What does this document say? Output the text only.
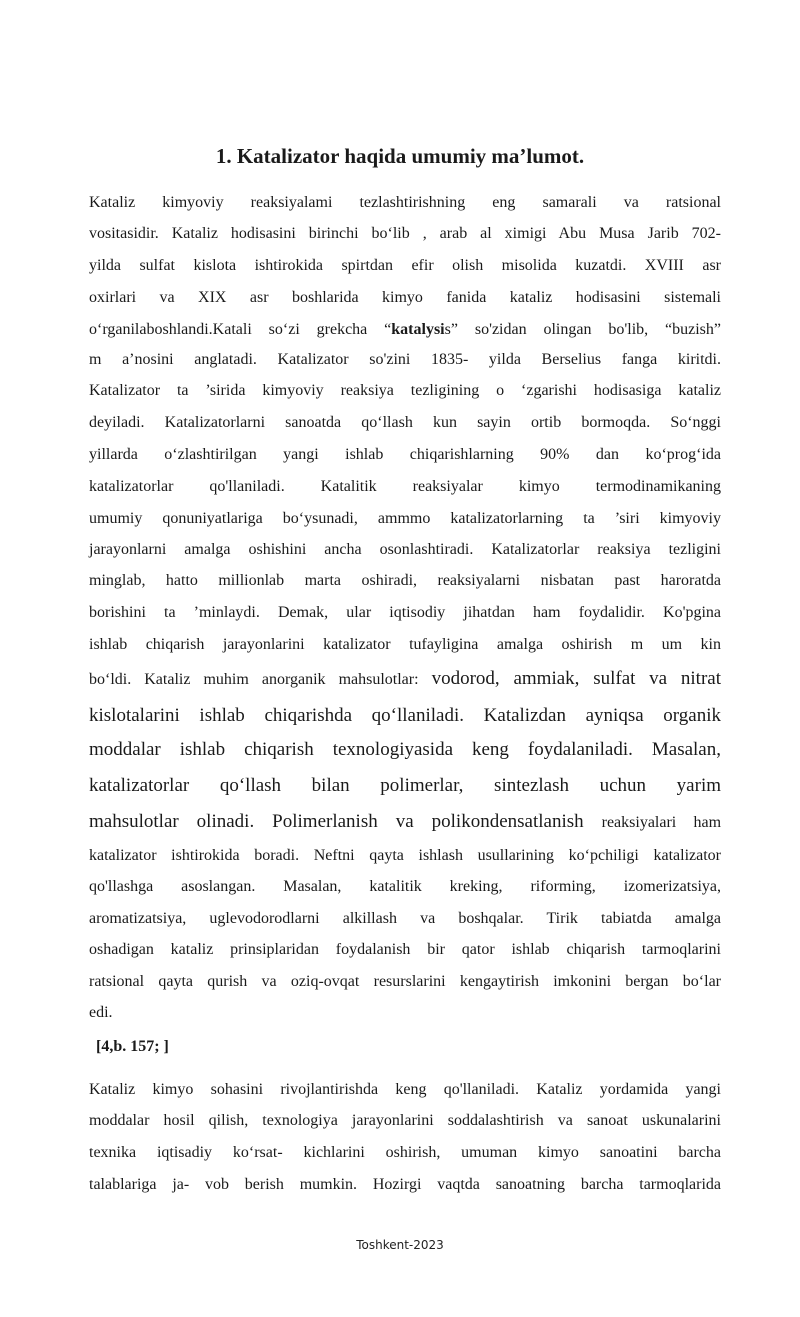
1. Katalizator haqida umumiy ma’lumot.
Kataliz kimyoviy reaksiyalami tezlashtirishning eng samarali va ratsional
vositasidir. Kataliz hodisasini birinchi bo‘lib , arab al ximigi Abu Musa Jarib 702-
yilda sulfat kislota ishtirokida spirtdan efir olish misolida kuzatdi. XVIII asr
oxirlari va XIX asr boshlarida kimyo fanida kataliz hodisasini sistemali
o‘rganilaboshlandi.Katali so‘zi grekcha “katalysis” so'zidan olingan bo'lib, “buzish”
m a’nosini anglatadi. Katalizator so'zini 1835- yilda Berselius fanga kiritdi.
Katalizator ta ’sirida kimyoviy reaksiya tezligining o ‘zgarishi hodisasiga kataliz
deyiladi. Katalizatorlarni sanoatda qo‘llash kun sayin ortib bormoqda. So‘nggi
yillarda o‘zlashtirilgan yangi ishlab chiqarishlarning 90% dan ko‘prog‘ida
katalizatorlar qo'llaniladi. Katalitik reaksiyalar kimyo termodinamikaning
umumiy qonuniyatlariga bo‘ysunadi, ammmo katalizatorlarning ta ’siri kimyoviy
jarayonlarni amalga oshishini ancha osonlashtiradi. Katalizatorlar reaksiya tezligini
minglab, hatto millionlab marta oshiradi, reaksiyalarni nisbatan past haroratda
borishini ta ’minlaydi. Demak, ular iqtisodiy jihatdan ham foydalidir. Ko'pgina
ishlab chiqarish jarayonlarini katalizator tufayligina amalga oshirish m um kin
bo‘ldi. Kataliz muhim anorganik mahsulotlar: vodorod, ammiak, sulfat va nitrat
kislotalarini ishlab chiqarishda qo‘llaniladi. Katalizdan ayniqsa organik
moddalar ishlab chiqarish texnologiyasida keng foydalaniladi. Masalan,
katalizatorlar qo‘llash bilan polimerlar, sintezlash uchun yarim
mahsulotlar olinadi. Polimerlanish va polikondensatlanish reaksiyalari ham
katalizator ishtirokida boradi. Neftni qayta ishlash usullarining ko‘pchiligi katalizator
qo'llashga asoslangan. Masalan, katalitik kreking, riforming, izomerizatsiya,
aromatizatsiya, uglevodorodlarni alkillash va boshqalar. Tirik tabiatda amalga
oshadigan kataliz prinsiplaridan foydalanish bir qator ishlab chiqarish tarmoqlarini
ratsional qayta qurish va oziq-ovqat resurslarini kengaytirish imkonini bergan bo‘lar
edi.
[4,b. 157; ]
Kataliz kimyo sohasini rivojlantirishda keng qo'llaniladi. Kataliz yordamida yangi
moddalar hosil qilish, texnologiya jarayonlarini soddalashtirish va sanoat uskunalarini
texnika iqtisadiy ko‘rsat- kichlarini oshirish, umuman kimyo sanoatini barcha
talablariga ja- vob berish mumkin. Hozirgi vaqtda sanoatning barcha tarmoqlarida
Toshkent-2023
